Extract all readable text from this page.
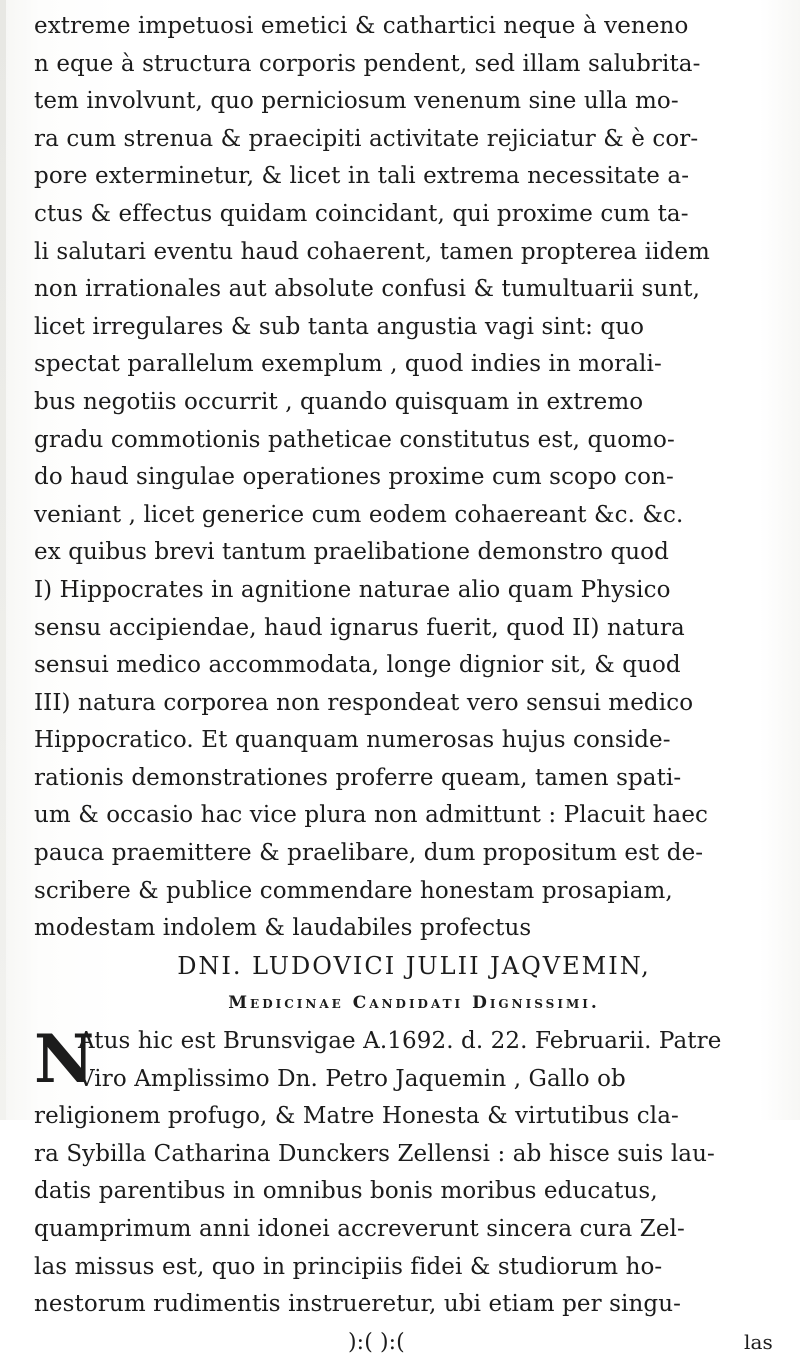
extreme impetuosi emetici & cathartici neque à veneno
n eque à structura corporis pendent, sed illam salubrita-
tem involvunt, quo perniciosum venenum sine ulla mo-
ra cum strenua & praecipiti activitate rejiciatur & è cor-
pore exterminetur, & licet in tali extrema necessitate a-
ctus & effectus quidam coincidant, qui proxime cum ta-
li salutari eventu haud cohaerent, tamen propterea iidem
non irrationales aut absolute confusi & tumultuarii sunt,
licet irregulares & sub tanta angustia vagi sint: quo
spectat parallelum exemplum , quod indies in morali-
bus negotiis occurrit , quando quisquam in extremo
gradu commotionis patheticae constitutus est, quomo-
do haud singulae operationes proxime cum scopo con-
veniant , licet generice cum eodem cohaereant &c. &c.
ex quibus brevi tantum praelibatione demonstro quod
I) Hippocrates in agnitione naturae alio quam Physico
sensu accipiendae, haud ignarus fuerit, quod II) natura
sensui medico accommodata, longe dignior sit, & quod
III) natura corporea non respondeat vero sensui medico
Hippocratico. Et quanquam numerosas hujus conside-
rationis demonstrationes proferre queam, tamen spati-
um & occasio hac vice plura non admittunt : Placuit haec
pauca praemittere & praelibare, dum propositum est de-
scribere & publice commendare honestam prosapiam,
modestam indolem & laudabiles profectus
DNI. LUDOVICI JULII JAQVEMIN,
Medicinae Candidati Dignissimi.
N
Atus hic est Brunsvigae A.1692. d. 22. Februarii. Patre
Viro Amplissimo Dn. Petro Jaquemin , Gallo ob
religionem profugo, & Matre Honesta & virtutibus cla-
ra Sybilla Catharina Dunckers Zellensi : ab hisce suis lau-
datis parentibus in omnibus bonis moribus educatus,
quamprimum anni idonei accreverunt sincera cura Zel-
las missus est, quo in principiis fidei & studiorum ho-
nestorum rudimentis instrueretur, ubi etiam per singu-
):( ):(	las
